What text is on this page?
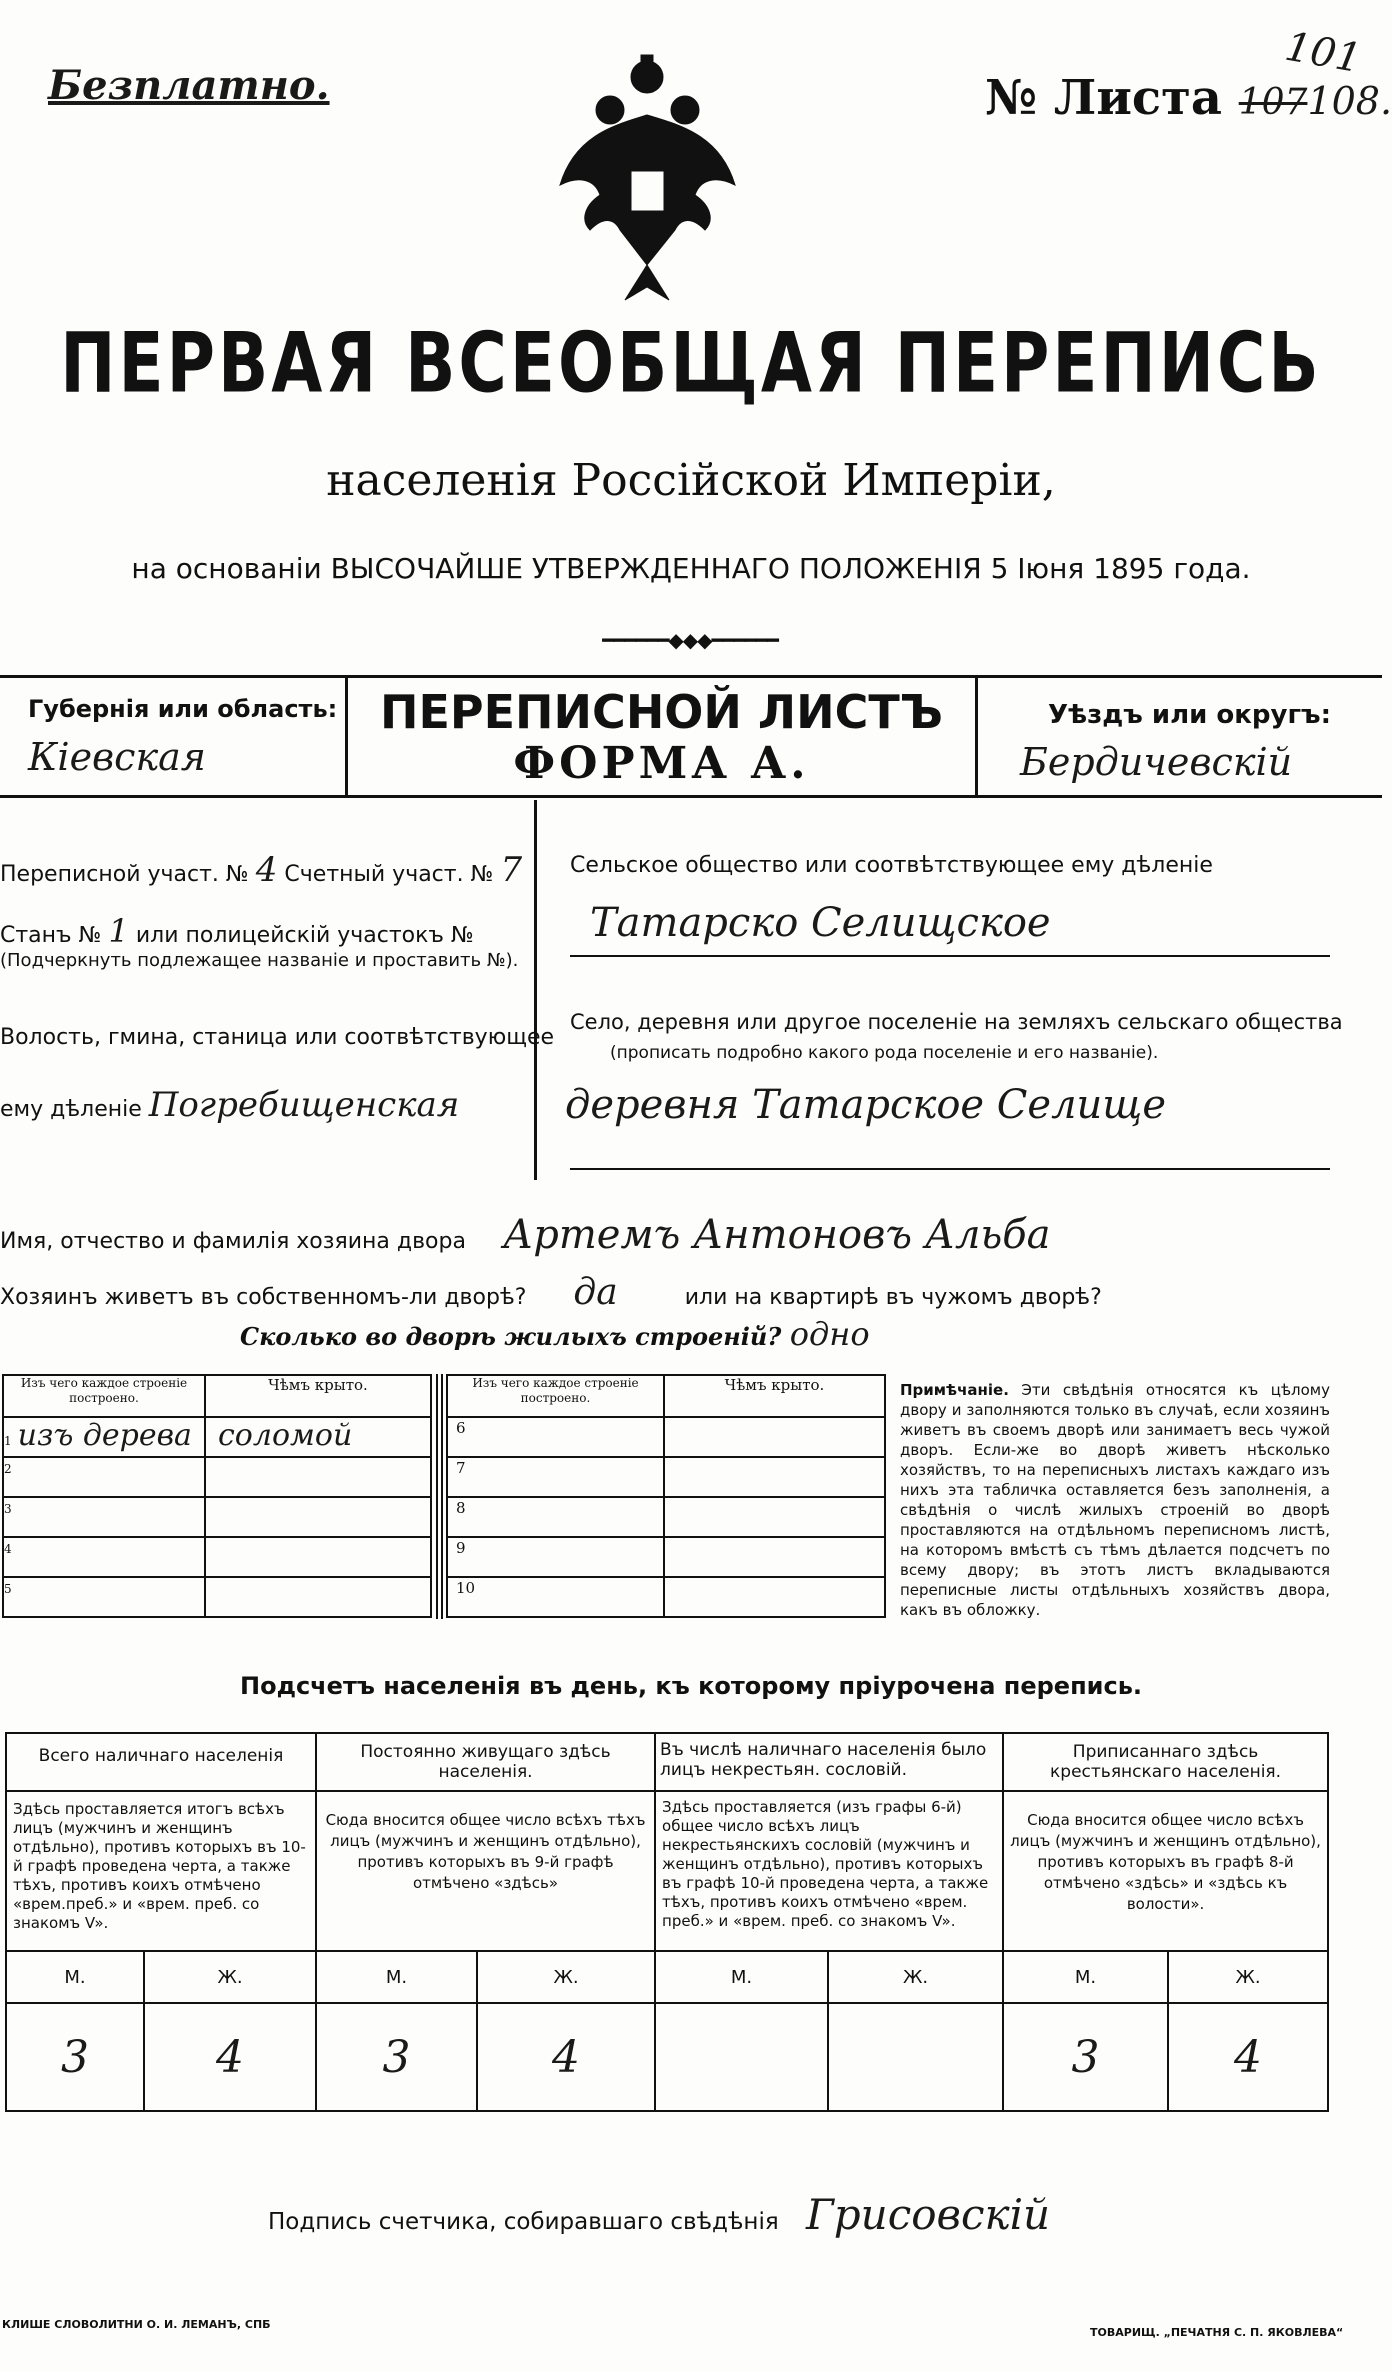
Безплатно.	№ Листа 107108.
101
ПЕРВАЯ ВСЕОБЩАЯ ПЕРЕПИСЬ
населенія Россійской Имперіи,
на основаніи ВЫСОЧАЙШЕ УТВЕРЖДЕННАГО ПОЛОЖЕНІЯ 5 Іюня 1895 года.
━━━━━━◆◆◆━━━━━━
Губернія или область:
Кіевская
ПЕРЕПИСНОЙ ЛИСТЪ
ФОРМА А.
Уѣздъ или округъ:
Бердичевскій
Переписной участ. № 4 Счетный участ. № 7
Станъ № 1 или полицейскій участокъ №
(Подчеркнуть подлежащее названіе и проставить №).
Волость, гмина, станица или соотвѣтствующее
ему дѣленіе Погребищенская
Сельское общество или соотвѣтствующее ему дѣленіе
Татарско Селищское
Село, деревня или другое поселеніе на земляхъ сельскаго общества
(прописать подробно какого рода поселеніе и его названіе).
деревня Татарское Селище
Имя, отчество и фамилія хозяина двора Артемъ Антоновъ Альба
Хозяинъ живетъ въ собственномъ-ли дворѣ? да	или на квартирѣ въ чужомъ дворѣ?
Сколько во дворѣ жилыхъ строеній? одно
Изъ чего каждое строеніе построено.	Чѣмъ крыто.
1 изъ дерева	соломой
2	
3	
4	
5	
Изъ чего каждое строеніе построено.	Чѣмъ крыто.
6	
7	
8	
9	
10	
Примѣчаніе. Эти свѣдѣнія относятся къ цѣлому двору и заполняются только въ случаѣ, если хозяинъ живетъ въ своемъ дворѣ или занимаетъ весь чужой дворъ. Если-же во дворѣ живетъ нѣсколько хозяйствъ, то на переписныхъ листахъ каждаго изъ нихъ эта табличка оставляется безъ заполненія, а свѣдѣнія о числѣ жилыхъ строеній во дворѣ проставляются на отдѣльномъ переписномъ листѣ, на которомъ вмѣстѣ съ тѣмъ дѣлается подсчетъ по всему двору; въ этотъ листъ вкладываются переписные листы отдѣльныхъ хозяйствъ двора, какъ въ обложку.
Подсчетъ населенія въ день, къ которому пріурочена перепись.
Всего наличнаго населенія		Постоянно живущаго здѣсь населенія.		Въ числѣ наличнаго населенія было лицъ некрестьян. сословій.		Приписаннаго здѣсь крестьянскаго населенія.	
Здѣсь проставляется итогъ всѣхъ лицъ (мужчинъ и женщинъ отдѣльно), противъ которыхъ въ 10-й графѣ проведена черта, а также тѣхъ, противъ коихъ отмѣчено «врем.преб.» и «врем. преб. со знакомъ V».		Сюда вносится общее число всѣхъ тѣхъ лицъ (мужчинъ и женщинъ отдѣльно), противъ которыхъ въ 9-й графѣ отмѣчено «здѣсь»		Здѣсь проставляется (изъ графы 6-й) общее число всѣхъ лицъ некрестьянскихъ сословій (мужчинъ и женщинъ отдѣльно), противъ которыхъ въ графѣ 10-й проведена черта, а также тѣхъ, противъ коихъ отмѣчено «врем. преб.» и «врем. преб. со знакомъ V».		Сюда вносится общее число всѣхъ лицъ (мужчинъ и женщинъ отдѣльно), противъ которыхъ въ графѣ 8-й отмѣчено «здѣсь» и «здѣсь къ волости».	
М.	Ж.	М.	Ж.	М.	Ж.	М.	Ж.
3	4	3	4			3	4
Подпись счетчика, собиравшаго свѣдѣнія Грисовскій
КЛИШЕ СЛОВОЛИТНИ О. И. ЛЕМАНЪ, СПБ
ТОВАРИЩ. „ПЕЧАТНЯ С. П. ЯКОВЛЕВА“
